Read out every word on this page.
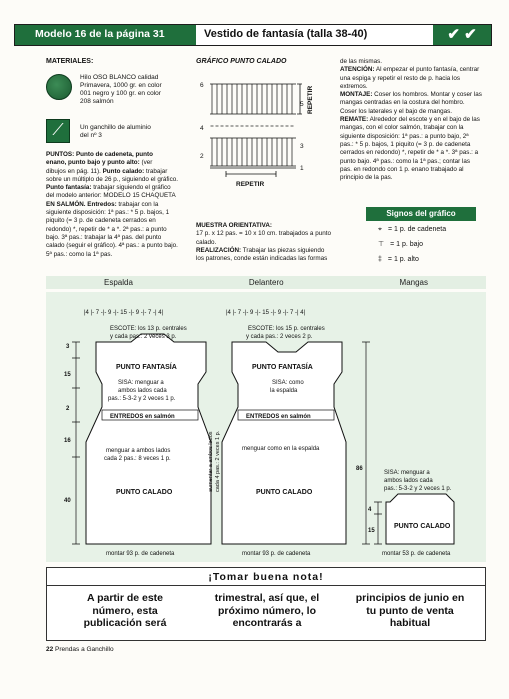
Modelo 16 de la página 31	Vestido de fantasía (talla 38-40)	✔ ✔
MATERIALES:
Hilo OSO BLANCO calidad
Primavera, 1000 gr. en color
001 negro y 100 gr. en color
208 salmón
⟋	Un ganchillo de aluminio
del nº 3
PUNTOS: Punto de cadeneta, punto
enano, punto bajo y punto alto: (ver
dibujos en pág. 11). Punto calado: trabajar
sobre un múltiplo de 26 p., siguiendo el gráfico.
Punto fantasía: trabajar siguiendo el gráfico
del modelo anterior: MODELO 15 CHAQUETA
EN SALMÓN. Entredos: trabajar con la
siguiente disposición: 1ª pas.: * 5 p. bajos, 1
piquito (= 3 p. de cadeneta cerrados en
redondo) *, repetir de * a *. 2ª pas.: a punto
bajo. 3ª pas.: trabajar la 4ª pas. del punto
calado (seguir el gráfico). 4ª pas.: a punto bajo.
5ª pas.: como la 1ª pas.
GRÁFICO PUNTO CALADO
6
5
4
3
2
1
REPETIR
REPETIR
MUESTRA ORIENTATIVA:
17 p. x 12 pas. = 10 x 10 cm. trabajados a punto calado.
REALIZACIÓN: Trabajar las piezas siguiendo los patrones, conde están indicadas las formas
de las mismas.
ATENCIÓN: Al empezar el punto fantasía, centrar una espiga y repetir el resto de p. hacia los extremos.
MONTAJE: Coser los hombros. Montar y coser las mangas centradas en la costura del hombro. Coser los laterales y el bajo de mangas.
REMATE: Alrededor del escote y en el bajo de las mangas, con el color salmón, trabajar con la siguiente disposición: 1ª pas.: a punto bajo, 2ª pas.: * 5 p. bajos, 1 piquito (= 3 p. de cadeneta cerrados en redondo) *, repetir de * a *. 3ª pas.: a punto bajo. 4ª pas.: como la 1ª pas.; contar las pas. en redondo con 1 p. enano trabajado al principio de la pas.
Signos del gráfico
⌖ = 1 p. de cadeneta
⊤ = 1 p. bajo
‡ = 1 p. alto
Espalda	Delantero	Mangas
|4 |- 7 -|- 9 -|- 15 -|- 9 -|- 7 -| 4|	|4 |- 7 -|- 9 -|- 15 -|- 9 -|- 7 -| 4|
ESCOTE: los 13 p. centrales
y cada pas.: 2 veces 3 p.
PUNTO FANTASÍA
SISA: menguar a
ambos lados cada
pas.: 5-3-2 y 2 veces 1 p.
ENTREDOS en salmón
menguar a ambos lados
cada 2 pas.: 8 veces 1 p.
PUNTO CALADO
montar 93 p. de cadeneta
3
15
2
16
40
ESCOTE: los 15 p. centrales
y cada pas.: 2 veces 2 p.
PUNTO FANTASÍA
SISA: como
la espalda
ENTREDOS en salmón
menguar como en la espalda
aumentar a ambos lados cada 4 pas.: 2 veces 1 p.
PUNTO CALADO
montar 93 p. de cadeneta
86
SISA: menguar a
ambos lados cada
pas.: 5-3-2 y 2 veces 1 p.
PUNTO CALADO
montar 53 p. de cadeneta
4
15
¡Tomar buena nota!
A partir de este
número, esta
publicación será
trimestral, así que, el
próximo número, lo
encontrarás a
principios de junio en
tu punto de venta
habitual
22 Prendas a Ganchillo
